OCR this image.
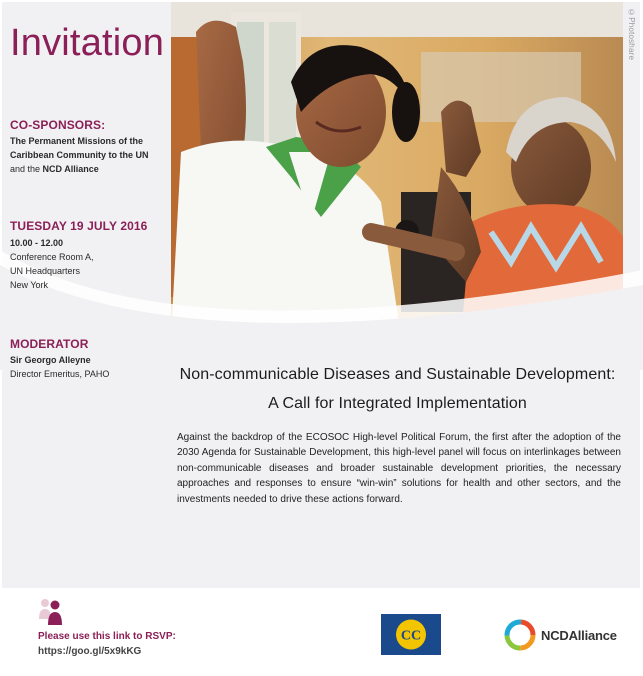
©Photoshare
Invitation
CO-SPONSORS:
The Permanent Missions of the
Caribbean Community to the UN
and the NCD Alliance
TUESDAY 19 JULY 2016
10.00 - 12.00
Conference Room A,
UN Headquarters
New York
MODERATOR
Sir Georgo Alleyne
Director Emeritus, PAHO	Non-communicable Diseases and Sustainable Development:
A Call for Integrated Implementation
Against the backdrop of the ECOSOC High-level Political Forum, the first after the adoption of the 2030 Agenda for Sustainable Development, this high-level panel will focus on interlinkages between non-communicable diseases and broader sustainable development priorities, the necessary approaches and responses to ensure “win-win” solutions for health and other sectors, and the investments needed to drive these actions forward.
Please use this link to RSVP:
https://goo.gl/5x9kKG
CC	NCDAlliance
